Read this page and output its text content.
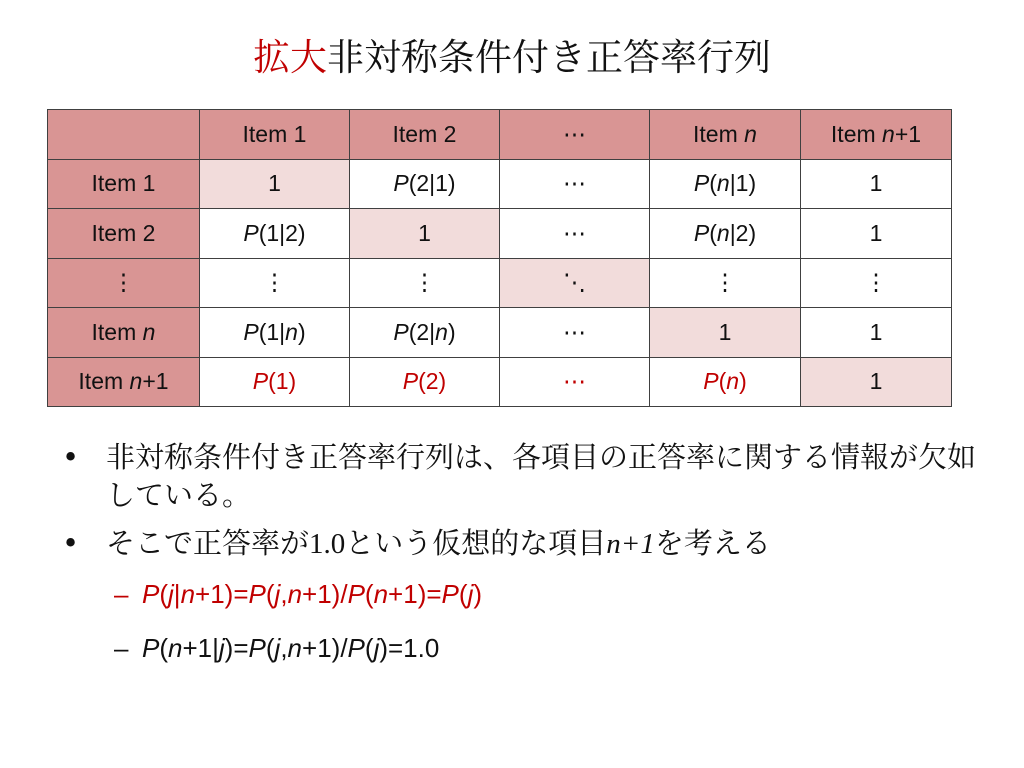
拡大非対称条件付き正答率行列
	Item 1	Item 2	⋯	Item n	Item n+1
Item 1	1	P(2|1)	⋯	P(n|1)	1
Item 2	P(1|2)	1	⋯	P(n|2)	1
⋮	⋮	⋮	⋱	⋮	⋮
Item n	P(1|n)	P(2|n)	⋯	1	1
Item n+1	P(1)	P(2)	⋯	P(n)	1
• 非対称条件付き正答率行列は、各項目の正答率に関する情報が欠如している。
• そこで正答率が1.0という仮想的な項目n+1を考える
– P(j|n+1)=P(j,n+1)/P(n+1)=P(j)
– P(n+1|j)=P(j,n+1)/P(j)=1.0
